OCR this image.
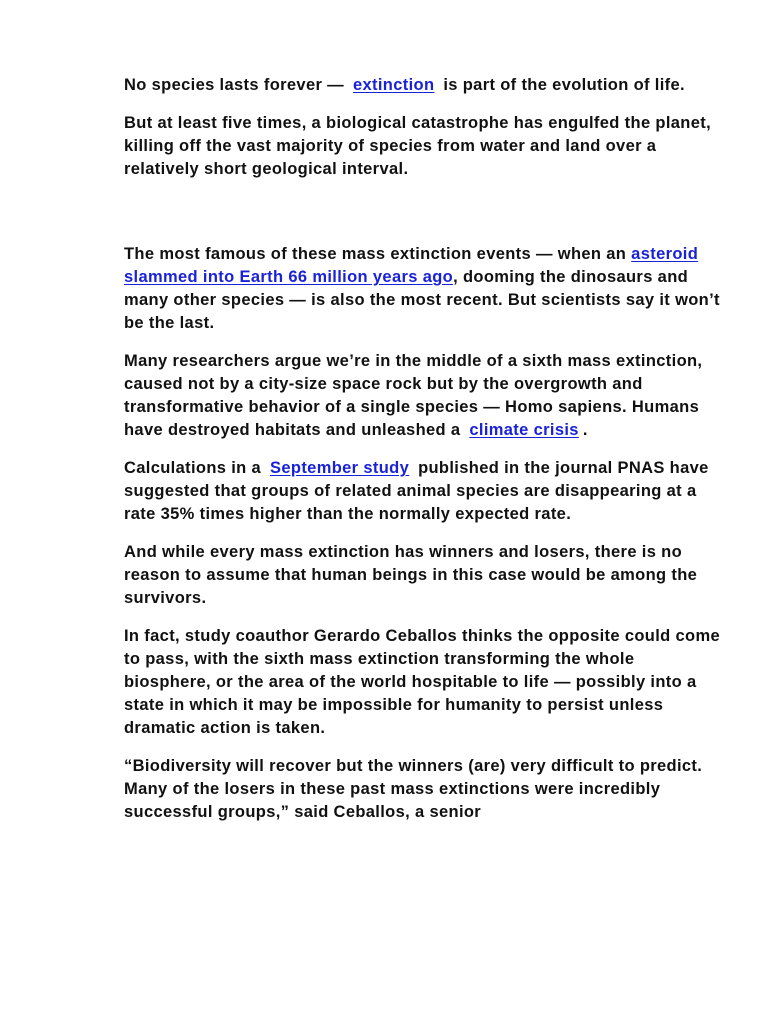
No species lasts forever — extinction is part of the evolution of life.

But at least five times, a biological catastrophe has engulfed the planet, killing off the vast majority of species from water and land over a relatively short geological interval.

The most famous of these mass extinction events — when an asteroid slammed into Earth 66 million years ago, dooming the dinosaurs and many other species — is also the most recent. But scientists say it won’t be the last.

Many researchers argue we’re in the middle of a sixth mass extinction, caused not by a city-size space rock but by the overgrowth and transformative behavior of a single species — Homo sapiens. Humans have destroyed habitats and unleashed a climate crisis .

Calculations in a September study published in the journal PNAS have suggested that groups of related animal species are disappearing at a rate 35% times higher than the normally expected rate.

And while every mass extinction has winners and losers, there is no reason to assume that human beings in this case would be among the survivors.

In fact, study coauthor Gerardo Ceballos thinks the opposite could come to pass, with the sixth mass extinction transforming the whole biosphere, or the area of the world hospitable to life — possibly into a state in which it may be impossible for humanity to persist unless dramatic action is taken.

“Biodiversity will recover but the winners (are) very difficult to predict. Many of the losers in these past mass extinctions were incredibly successful groups,” said Ceballos, a senior
